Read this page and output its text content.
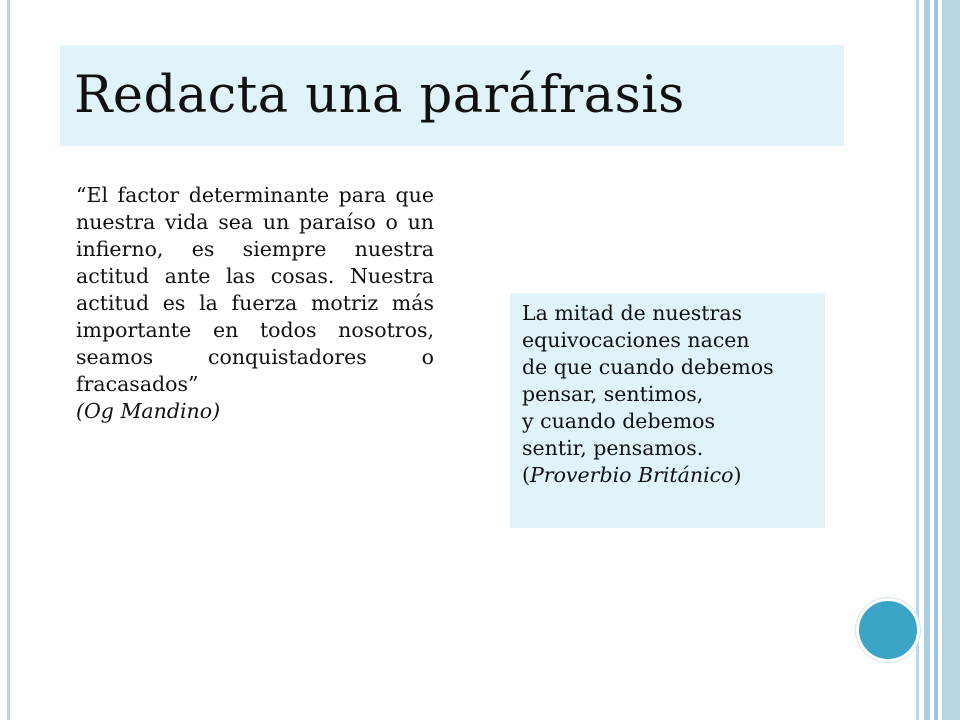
Redacta una paráfrasis
“El factor determinante para que nuestra vida sea un paraíso o un infierno, es siempre nuestra actitud ante las cosas. Nuestra actitud es la fuerza motriz más importante en todos nosotros, seamos conquistadores o fracasados”
(Og Mandino)
La mitad de nuestras
equivocaciones nacen
de que cuando debemos
pensar, sentimos,
y cuando debemos
sentir, pensamos.
(Proverbio Británico)
